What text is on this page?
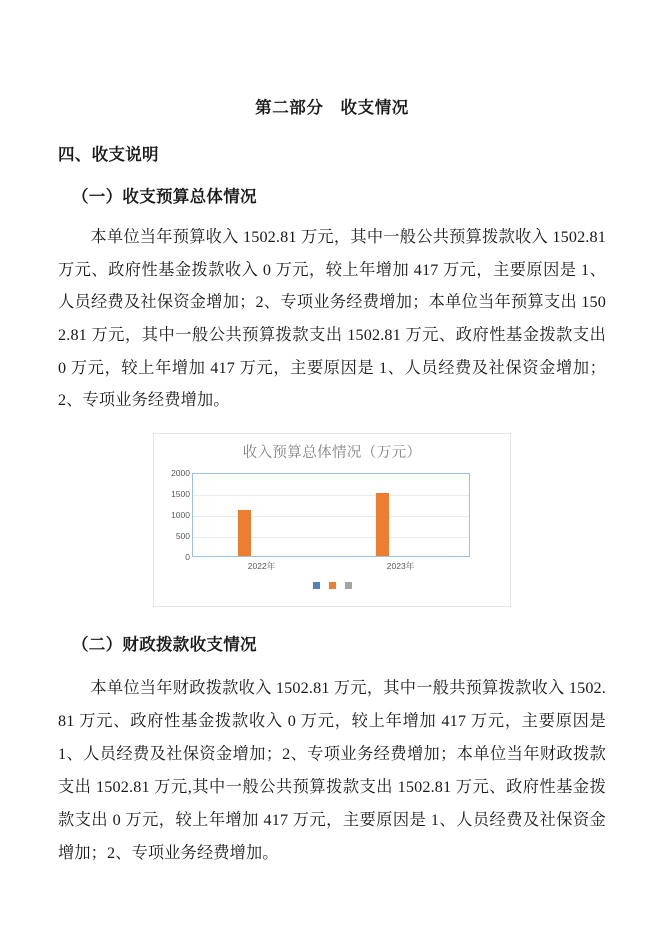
第二部分 收支情况
四、收支说明
（一）收支预算总体情况

本单位当年预算收入 1502.81 万元，其中一般公共预算拨款收入 1502.81 万元、政府性基金拨款收入 0 万元，较上年增加 417 万元，主要原因是 1、人员经费及社保资金增加；2、专项业务经费增加；本单位当年预算支出 1502.81 万元，其中一般公共预算拨款支出 1502.81 万元、政府性基金拨款支出 0 万元，较上年增加 417 万元，主要原因是 1、人员经费及社保资金增加；2、专项业务经费增加。

收入预算总体情况（万元）
2000
1500
1000
500
0
2022年	2023年
（二）财政拨款收支情况

本单位当年财政拨款收入 1502.81 万元，其中一般共预算拨款收入 1502.81 万元、政府性基金拨款收入 0 万元，较上年增加 417 万元，主要原因是 1、人员经费及社保资金增加；2、专项业务经费增加；本单位当年财政拨款支出 1502.81 万元,其中一般公共预算拨款支出 1502.81 万元、政府性基金拨款支出 0 万元，较上年增加 417 万元，主要原因是 1、人员经费及社保资金增加；2、专项业务经费增加。
